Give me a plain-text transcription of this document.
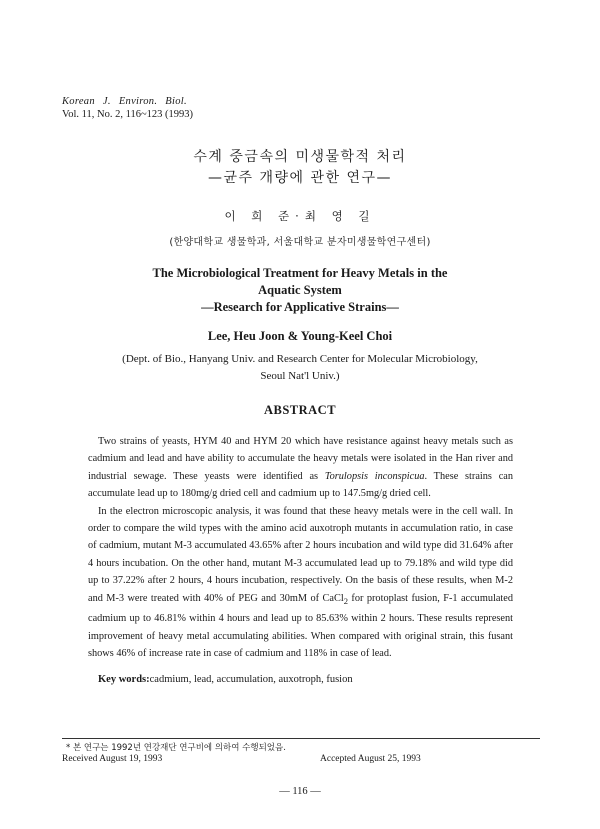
Korean J. Environ. Biol.
Vol. 11, No. 2, 116~123 (1993)
수계 중금속의 미생물학적 처리
—균주 개량에 관한 연구—
이 희 준·최 영 길
(한양대학교 생물학과, 서울대학교 분자미생물학연구센터)
The Microbiological Treatment for Heavy Metals in the
Aquatic System
—Research for Applicative Strains—
Lee, Heu Joon & Young-Keel Choi
(Dept. of Bio., Hanyang Univ. and Research Center for Molecular Microbiology,
Seoul Nat'l Univ.)
ABSTRACT

Two strains of yeasts, HYM 40 and HYM 20 which have resistance against heavy metals such as cadmium and lead and have ability to accumulate the heavy metals were isolated in the Han river and industrial sewage. These yeasts were identified as Torulopsis inconspicua. These strains can accumulate lead up to 180mg/g dried cell and cadmium up to 147.5mg/g dried cell.

In the electron microscopic analysis, it was found that these heavy metals were in the cell wall. In order to compare the wild types with the amino acid auxotroph mutants in accumulation ratio, in case of cadmium, mutant M-3 accumulated 43.65% after 2 hours incubation and wild type did 31.64% after 4 hours incubation. On the other hand, mutant M-3 accumulated lead up to 79.18% and wild type did up to 37.22% after 2 hours, 4 hours incubation, respectively. On the basis of these results, when M-2 and M-3 were treated with 40% of PEG and 30mM of CaCl$_2$ for protoplast fusion, F-1 accumulated cadmium up to 46.81% within 4 hours and lead up to 85.63% within 2 hours. These results represent improvement of heavy metal accumulating abilities. When compared with original strain, this fusant shows 46% of increase rate in case of cadmium and 118% in case of lead.

Key words:cadmium, lead, accumulation, auxotroph, fusion
* 본 연구는 1992년 연강재단 연구비에 의하여 수행되었음.
Received August 19, 1993	Accepted August 25, 1993
— 116 —
